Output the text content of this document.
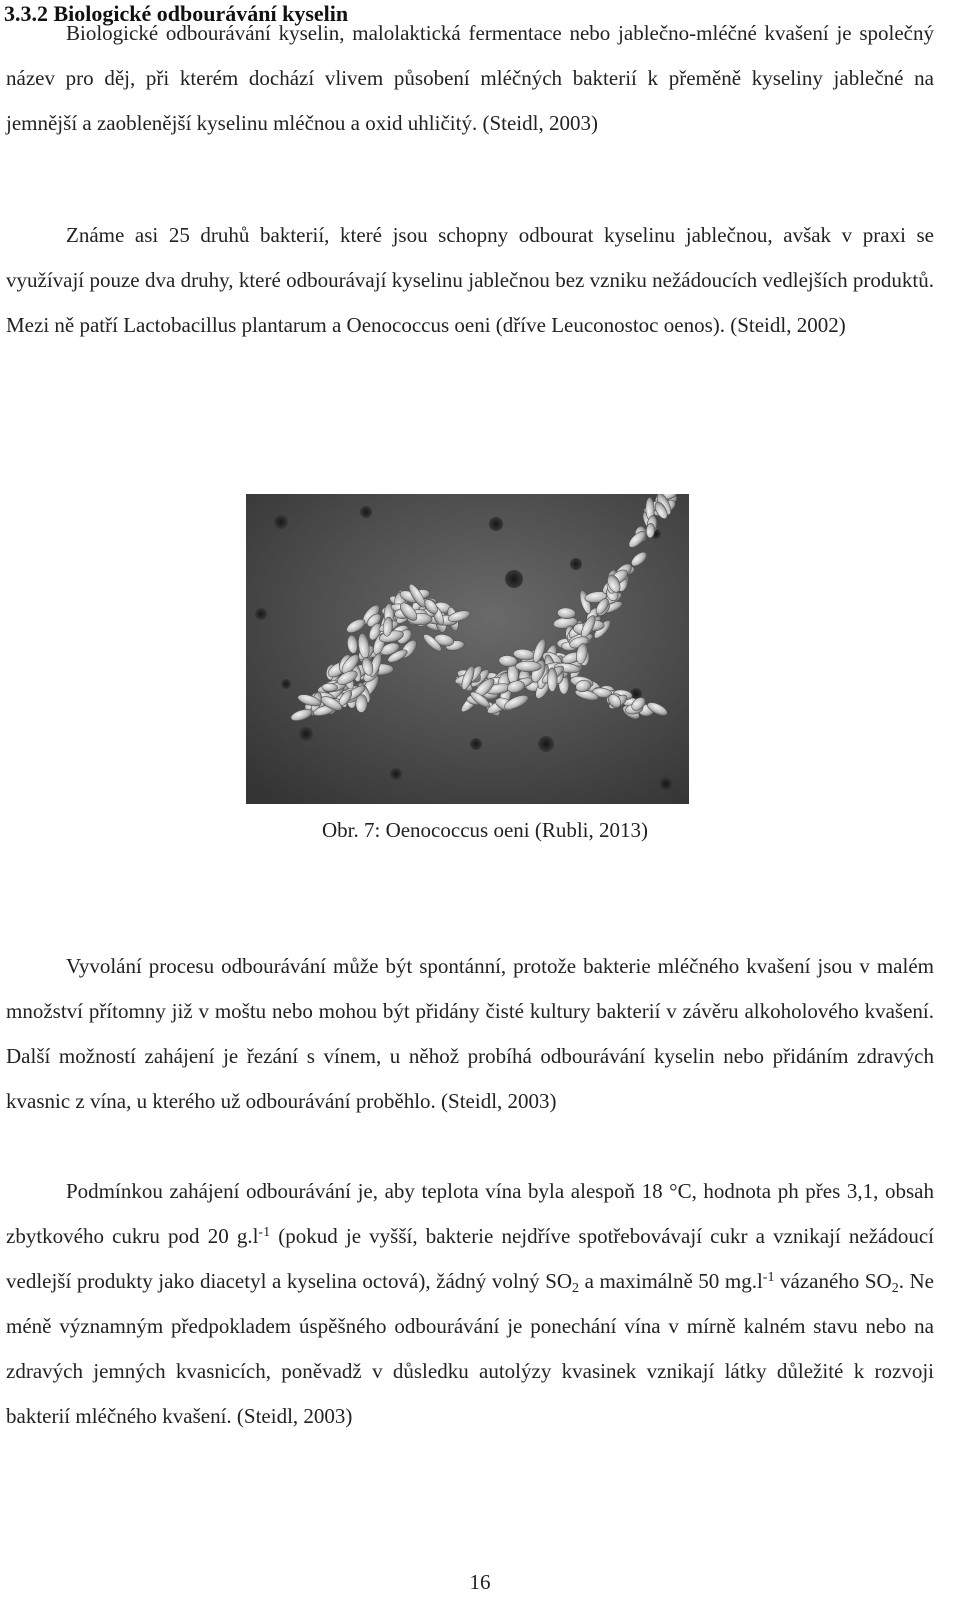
3.3.2 Biologické odbourávání kyselin

Biologické odbourávání kyselin, malolaktická fermentace nebo jablečno-mléčné kvašení je společný název pro děj, při kterém dochází vlivem působení mléčných bakterií k přeměně kyseliny jablečné na jemnější a zaoblenější kyselinu mléčnou a oxid uhličitý. (Steidl, 2003)

Známe asi 25 druhů bakterií, které jsou schopny odbourat kyselinu jablečnou, avšak v praxi se využívají pouze dva druhy, které odbourávají kyselinu jablečnou bez vzniku nežádoucích vedlejších produktů. Mezi ně patří Lactobacillus plantarum a Oenococcus oeni (dříve Leuconostoc oenos). (Steidl, 2002)

Obr. 7: Oenococcus oeni (Rubli, 2013)

Vyvolání procesu odbourávání může být spontánní, protože bakterie mléčného kvašení jsou v malém množství přítomny již v moštu nebo mohou být přidány čisté kultury bakterií v závěru alkoholového kvašení. Další možností zahájení je řezání s vínem, u něhož probíhá odbourávání kyselin nebo přidáním zdravých kvasnic z vína, u kterého už odbourávání proběhlo. (Steidl, 2003)

Podmínkou zahájení odbourávání je, aby teplota vína byla alespoň 18 °C, hodnota ph přes 3,1, obsah zbytkového cukru pod 20 $g.l^{-1}$ (pokud je vyšší, bakterie nejdříve spotřebovávají cukr a vznikají nežádoucí vedlejší produkty jako diacetyl a kyselina octová), žádný volný $SO_2$ a maximálně 50 $mg.l^{-1}$ vázaného $SO_2$. Ne méně významným předpokladem úspěšného odbourávání je ponechání vína v mírně kalném stavu nebo na zdravých jemných kvasnicích, poněvadž v důsledku autolýzy kvasinek vznikají látky důležité k rozvoji bakterií mléčného kvašení. (Steidl, 2003)

16
